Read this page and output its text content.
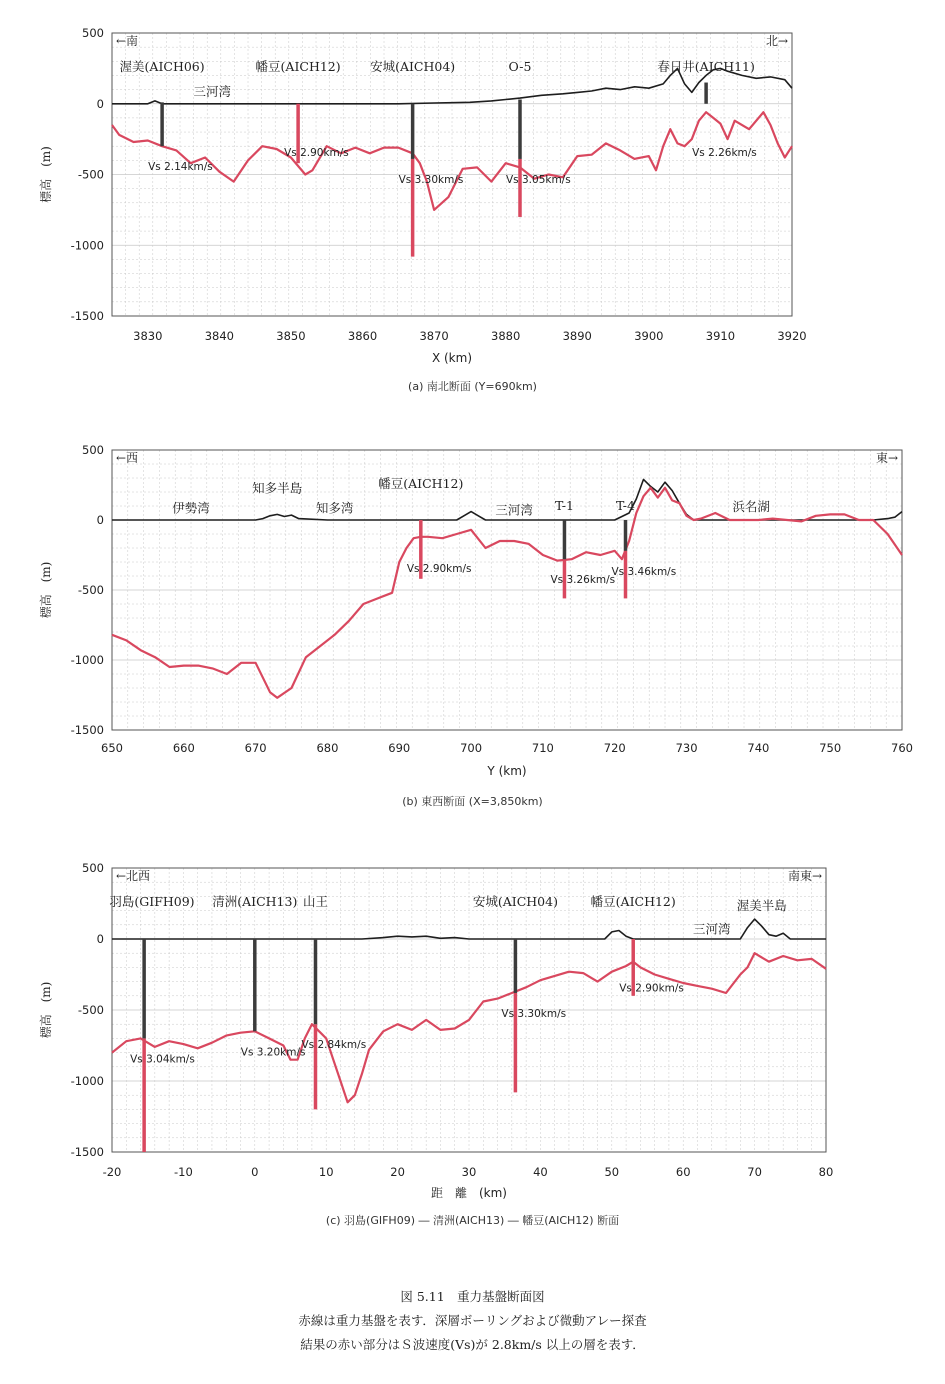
3830	3840	3850	3860	3870	3880	3890	3900	3910	3920
500
0
-500
-1000
-1500
X (km)
標高　(m)
←南	北→
渥美(AICH06)
Vs 2.14km/s
幡豆(AICH12)
Vs 2.90km/s
安城(AICH04)
Vs 3.30km/s
O-5
Vs 3.05km/s
春日井(AICH11)
Vs 2.26km/s
三河湾
650	660	670	680	690	700	710	720	730	740	750	760
500
0
-500
-1000
-1500
Y (km)
標高　(m)
←西	東→
幡豆(AICH12)
Vs 2.90km/s
T-1
Vs 3.26km/s
T-4
Vs 3.46km/s
伊勢湾
知多半島
知多湾	三河湾	浜名湖
-20	-10	0	10	20	30	40	50	60	70	80
500
0
-500
-1000
-1500
距　離　(km)
標高　(m)
←北西	南東→
羽島(GIFH09)
Vs 3.04km/s
清洲(AICH13)
Vs 3.20km/s
山王
Vs 2.84km/s
安城(AICH04)
Vs 3.30km/s
幡豆(AICH12)
Vs 2.90km/s
三河湾
渥美半島
(a) 南北断面 (Y=690km)
(b) 東西断面 (X=3,850km)
(c) 羽島(GIFH09) ― 清洲(AICH13) ― 幡豆(AICH12) 断面
図 5.11　重力基盤断面図
赤線は重力基盤を表す．深層ボーリングおよび微動アレー探査
結果の赤い部分はＳ波速度(Vs)が 2.8km/s 以上の層を表す．
